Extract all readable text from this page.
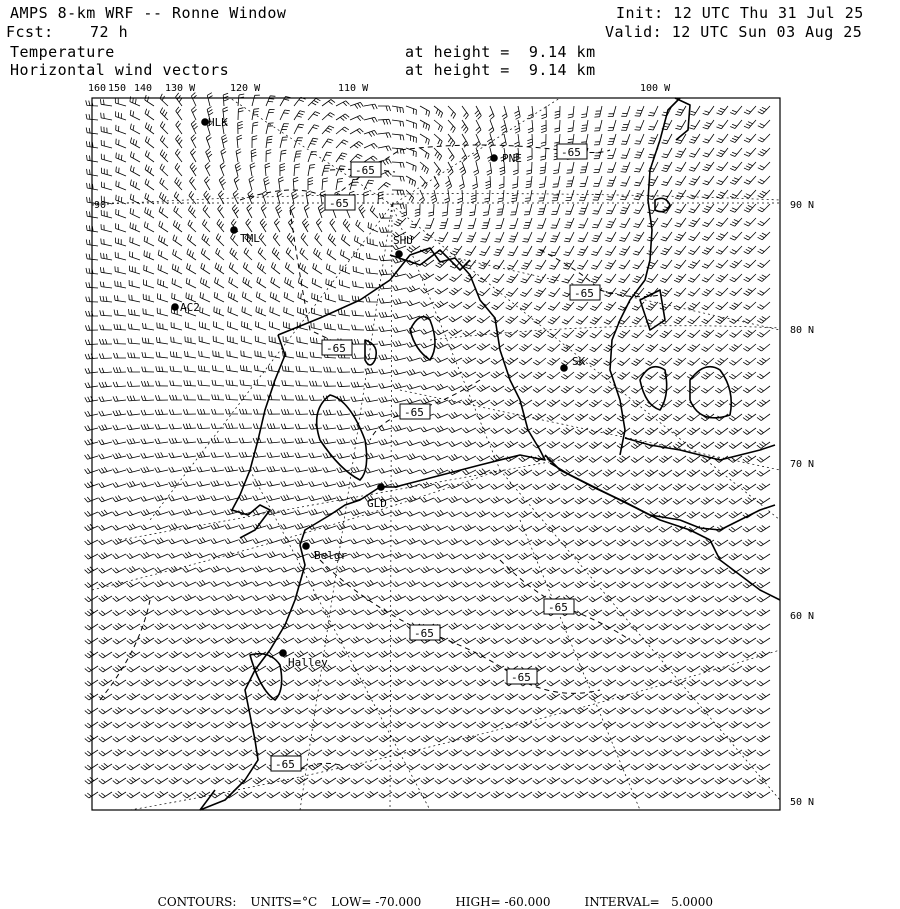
AMPS 8-km WRF -- Ronne Window	Init: 12 UTC Thu 31 Jul 25
Fcst: 72 h	Valid: 12 UTC Sun 03 Aug 25
Temperature	at height =  9.14 km
Horizontal wind vectors	at height =  9.14 km
160 150 140 130 W	120 W	110 W	100 W
90 N
80 N
70 N
60 N
50 N
90
-65
-65
-65
-65
-65
-65
-65
-65
-65
-65
HLK
PNE
TML	SHU
AC2
SK
GLD
Belgr
Halley

CONTOURS: UNITS=°C LOW= -70.000	HIGH= -60.000	INTERVAL=   5.0000
